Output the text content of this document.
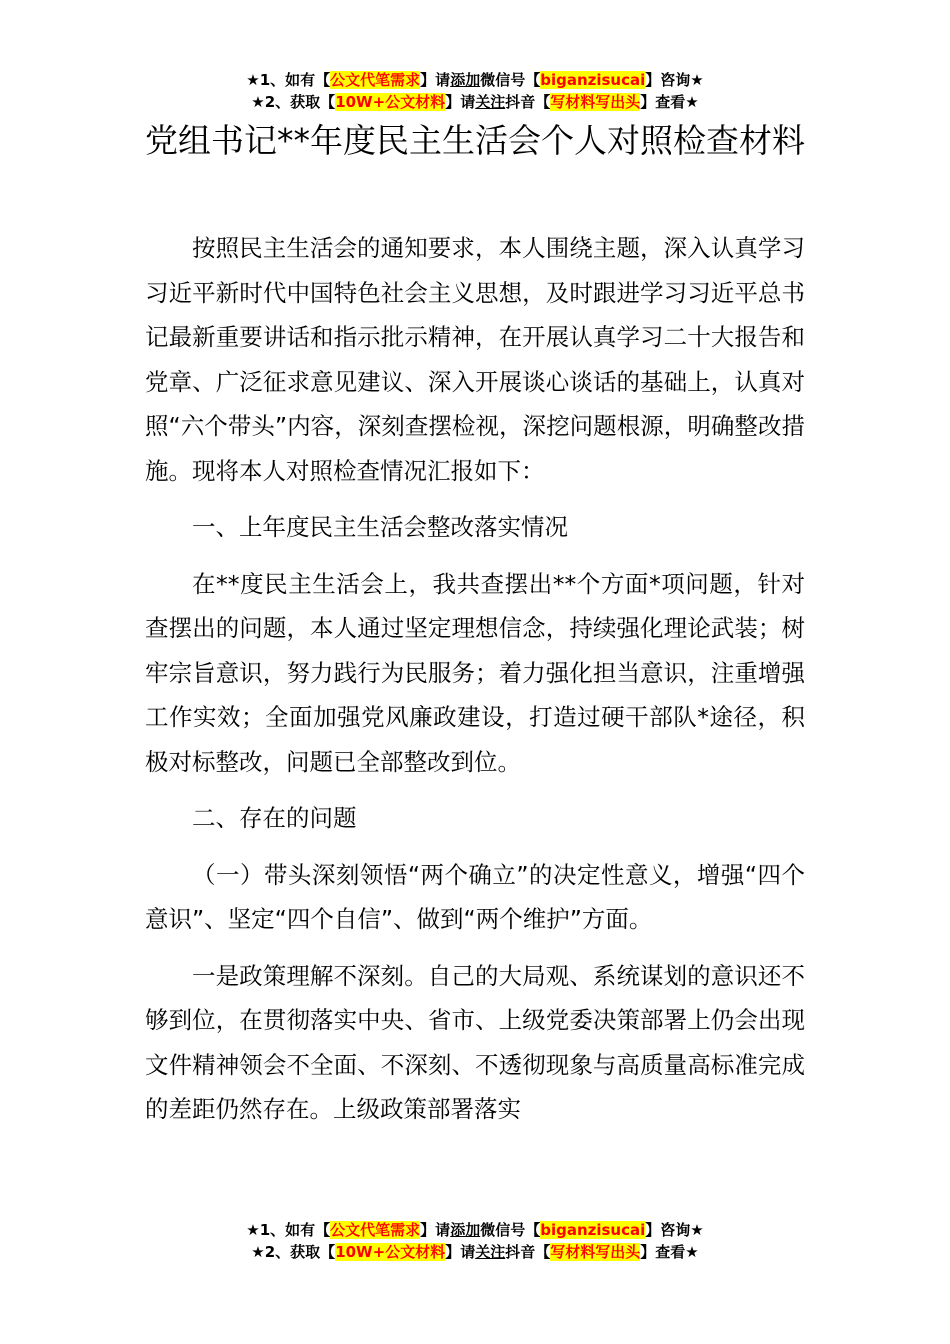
★1、如有【公文代笔需求】请添加微信号【biganzisucai】咨询★
★2、获取【10W+公文材料】请关注抖音【写材料写出头】查看★
党组书记**年度民主生活会个人对照检查材料

按照民主生活会的通知要求，本人围绕主题，深入认真学习习近平新时代中国特色社会主义思想，及时跟进学习习近平总书记最新重要讲话和指示批示精神，在开展认真学习二十大报告和党章、广泛征求意见建议、深入开展谈心谈话的基础上，认真对照“六个带头”内容，深刻查摆检视，深挖问题根源，明确整改措施。现将本人对照检查情况汇报如下：

一、上年度民主生活会整改落实情况

在**度民主生活会上，我共查摆出**个方面*项问题，针对查摆出的问题，本人通过坚定理想信念，持续强化理论武装；树牢宗旨意识，努力践行为民服务；着力强化担当意识，注重增强工作实效；全面加强党风廉政建设，打造过硬干部队*途径，积极对标整改，问题已全部整改到位。

二、存在的问题

（一）带头深刻领悟“两个确立”的决定性意义，增强“四个意识”、坚定“四个自信”、做到“两个维护”方面。

一是政策理解不深刻。自己的大局观、系统谋划的意识还不够到位，在贯彻落实中央、省市、上级党委决策部署上仍会出现文件精神领会不全面、不深刻、不透彻现象与高质量高标准完成的差距仍然存在。上级政策部署落实

★1、如有【公文代笔需求】请添加微信号【biganzisucai】咨询★
★2、获取【10W+公文材料】请关注抖音【写材料写出头】查看★
